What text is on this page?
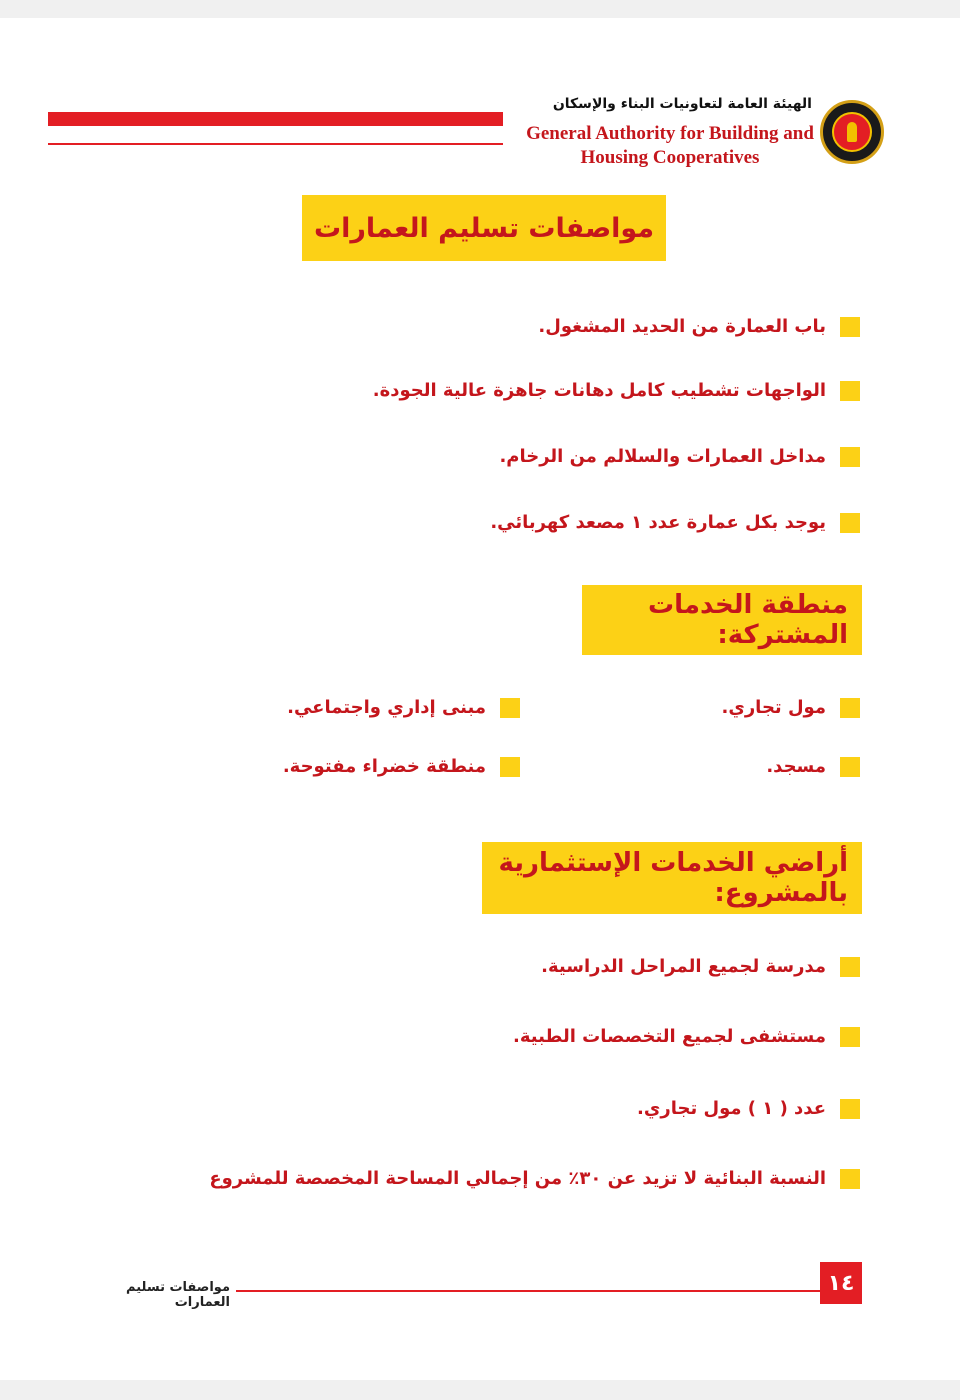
الهيئة العامة لتعاونيات البناء والإسكان
General Authority for Building and
Housing Cooperatives
مواصفات تسليم العمارات
باب العمارة من الحديد المشغول.
الواجهات تشطيب كامل دهانات جاهزة عالية الجودة.
مداخل العمارات والسلالم من الرخام.
يوجد بكل عمارة عدد ١ مصعد كهربائي.
منطقة الخدمات المشتركة:
مول تجاري.
مبنى إداري واجتماعي.
مسجد.
منطقة خضراء مفتوحة.
أراضي الخدمات الإستثمارية بالمشروع:
مدرسة لجميع المراحل الدراسية.
مستشفى لجميع التخصصات الطبية.
عدد ( ١ ) مول تجاري.
النسبة البنائية لا تزيد عن ٣٠٪ من إجمالي المساحة المخصصة للمشروع
١٤
مواصفات تسليم العمارات
